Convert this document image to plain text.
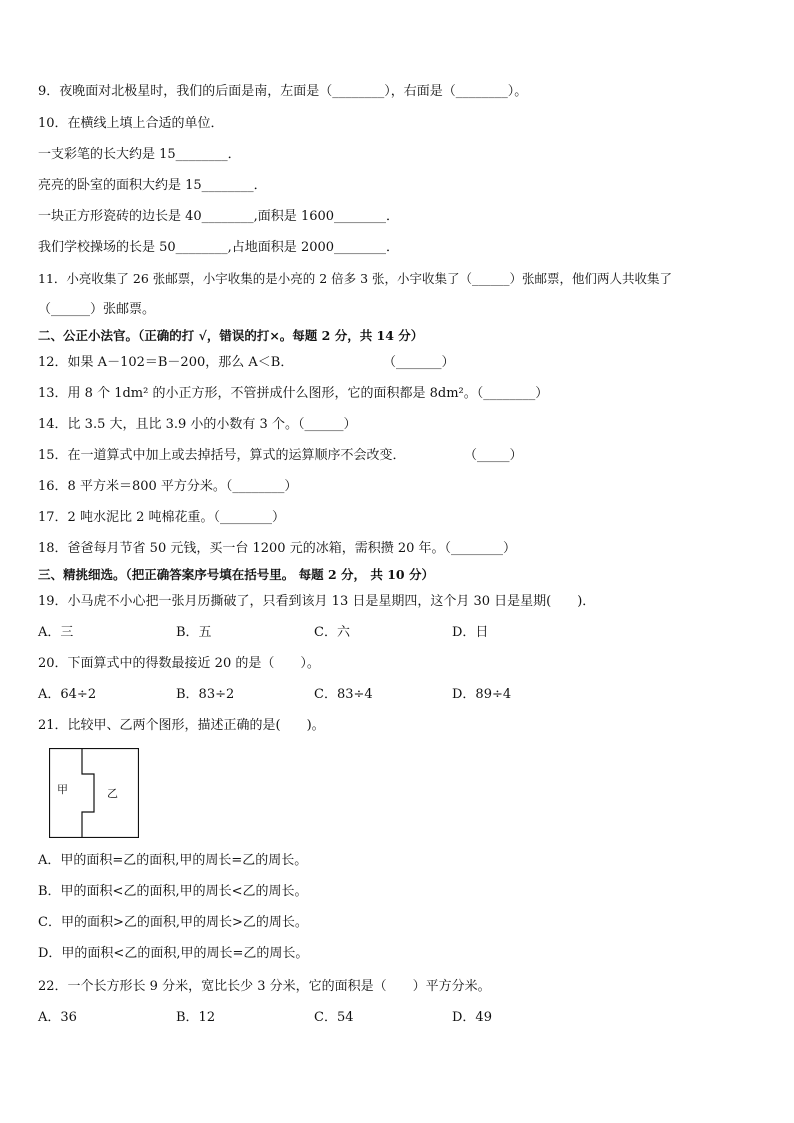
9．夜晚面对北极星时，我们的后面是南，左面是（________），右面是（________）。
10．在横线上填上合适的单位．
一支彩笔的长大约是 15________．
亮亮的卧室的面积大约是 15________．
一块正方形瓷砖的边长是 40________,面积是 1600________．
我们学校操场的长是 50________,占地面积是 2000________．
11．小亮收集了 26 张邮票，小宇收集的是小亮的 2 倍多 3 张，小宇收集了（______）张邮票，他们两人共收集了
（______）张邮票。
二、公正小法官。（正确的打 √，错误的打×。每题 2 分，共 14 分）
12．如果 A－102＝B－200，那么 A＜B．	（_______）
13．用 8 个 1dm² 的小正方形，不管拼成什么图形，它的面积都是 8dm²。（________）
14．比 3.5 大，且比 3.9 小的小数有 3 个。（______）
15．在一道算式中加上或去掉括号，算式的运算顺序不会改变．	（_____）
16．8 平方米＝800 平方分米。（________）
17．2 吨水泥比 2 吨棉花重。（________）
18．爸爸每月节省 50 元钱，买一台 1200 元的冰箱，需积攒 20 年。（________）
三、精挑细选。（把正确答案序号填在括号里。 每题 2 分， 共 10 分）
19．小马虎不小心把一张月历撕破了，只看到该月 13 日是星期四，这个月 30 日是星期(　　)．
A．三	B．五	C．六	D．日
20．下面算式中的得数最接近 20 的是（　　）。
A．64÷2	B．83÷2	C．83÷4	D．89÷4
21．比较甲、乙两个图形，描述正确的是(　　)。
甲	乙
A．甲的面积=乙的面积,甲的周长=乙的周长。
B．甲的面积<乙的面积,甲的周长<乙的周长。
C．甲的面积>乙的面积,甲的周长>乙的周长。
D．甲的面积<乙的面积,甲的周长=乙的周长。
22．一个长方形长 9 分米，宽比长少 3 分米，它的面积是（　　）平方分米。
A．36	B．12	C．54	D．49
